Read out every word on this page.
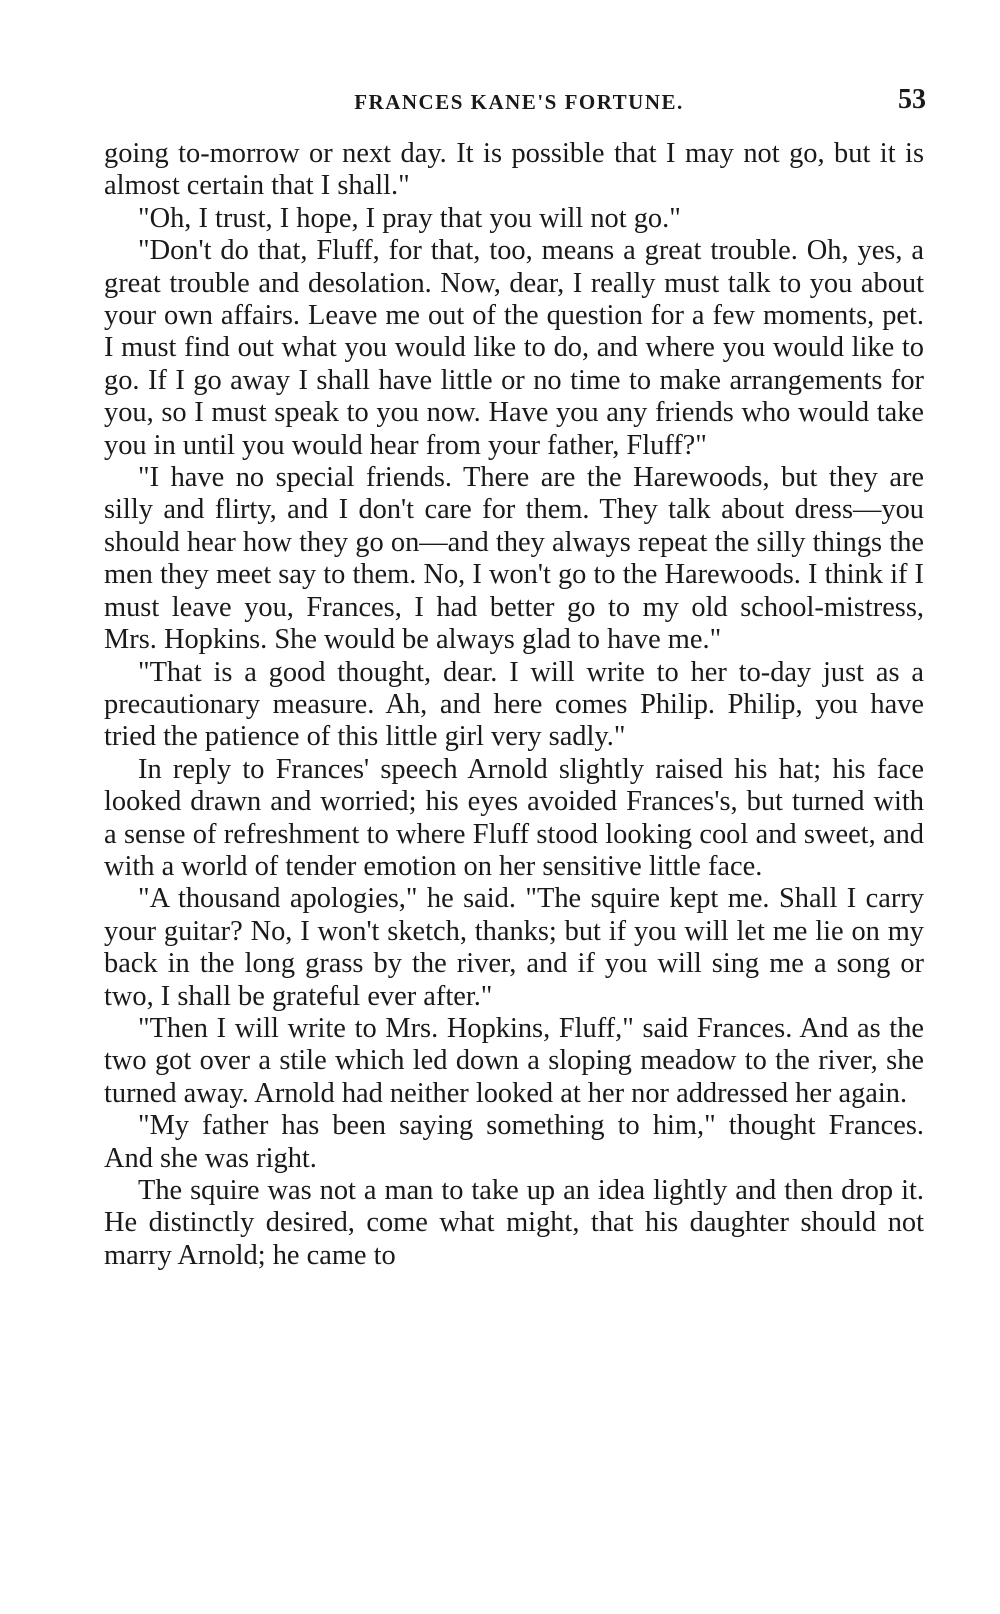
FRANCES KANE'S FORTUNE.	53

going to-morrow or next day. It is possible that I may not go, but it is almost certain that I shall."

"Oh, I trust, I hope, I pray that you will not go."

"Don't do that, Fluff, for that, too, means a great trouble. Oh, yes, a great trouble and desolation. Now, dear, I really must talk to you about your own affairs. Leave me out of the question for a few moments, pet. I must find out what you would like to do, and where you would like to go. If I go away I shall have little or no time to make arrangements for you, so I must speak to you now. Have you any friends who would take you in until you would hear from your father, Fluff?"

"I have no special friends. There are the Harewoods, but they are silly and flirty, and I don't care for them. They talk about dress—you should hear how they go on—and they always repeat the silly things the men they meet say to them. No, I won't go to the Harewoods. I think if I must leave you, Frances, I had better go to my old school-mistress, Mrs. Hopkins. She would be always glad to have me."

"That is a good thought, dear. I will write to her to-day just as a precautionary measure. Ah, and here comes Philip. Philip, you have tried the patience of this little girl very sadly."

In reply to Frances' speech Arnold slightly raised his hat; his face looked drawn and worried; his eyes avoided Frances's, but turned with a sense of refreshment to where Fluff stood looking cool and sweet, and with a world of tender emotion on her sensitive little face.

"A thousand apologies," he said. "The squire kept me. Shall I carry your guitar? No, I won't sketch, thanks; but if you will let me lie on my back in the long grass by the river, and if you will sing me a song or two, I shall be grateful ever after."

"Then I will write to Mrs. Hopkins, Fluff," said Frances. And as the two got over a stile which led down a sloping meadow to the river, she turned away. Arnold had neither looked at her nor addressed her again.

"My father has been saying something to him," thought Frances. And she was right.

The squire was not a man to take up an idea lightly and then drop it. He distinctly desired, come what might, that his daughter should not marry Arnold; he came to
